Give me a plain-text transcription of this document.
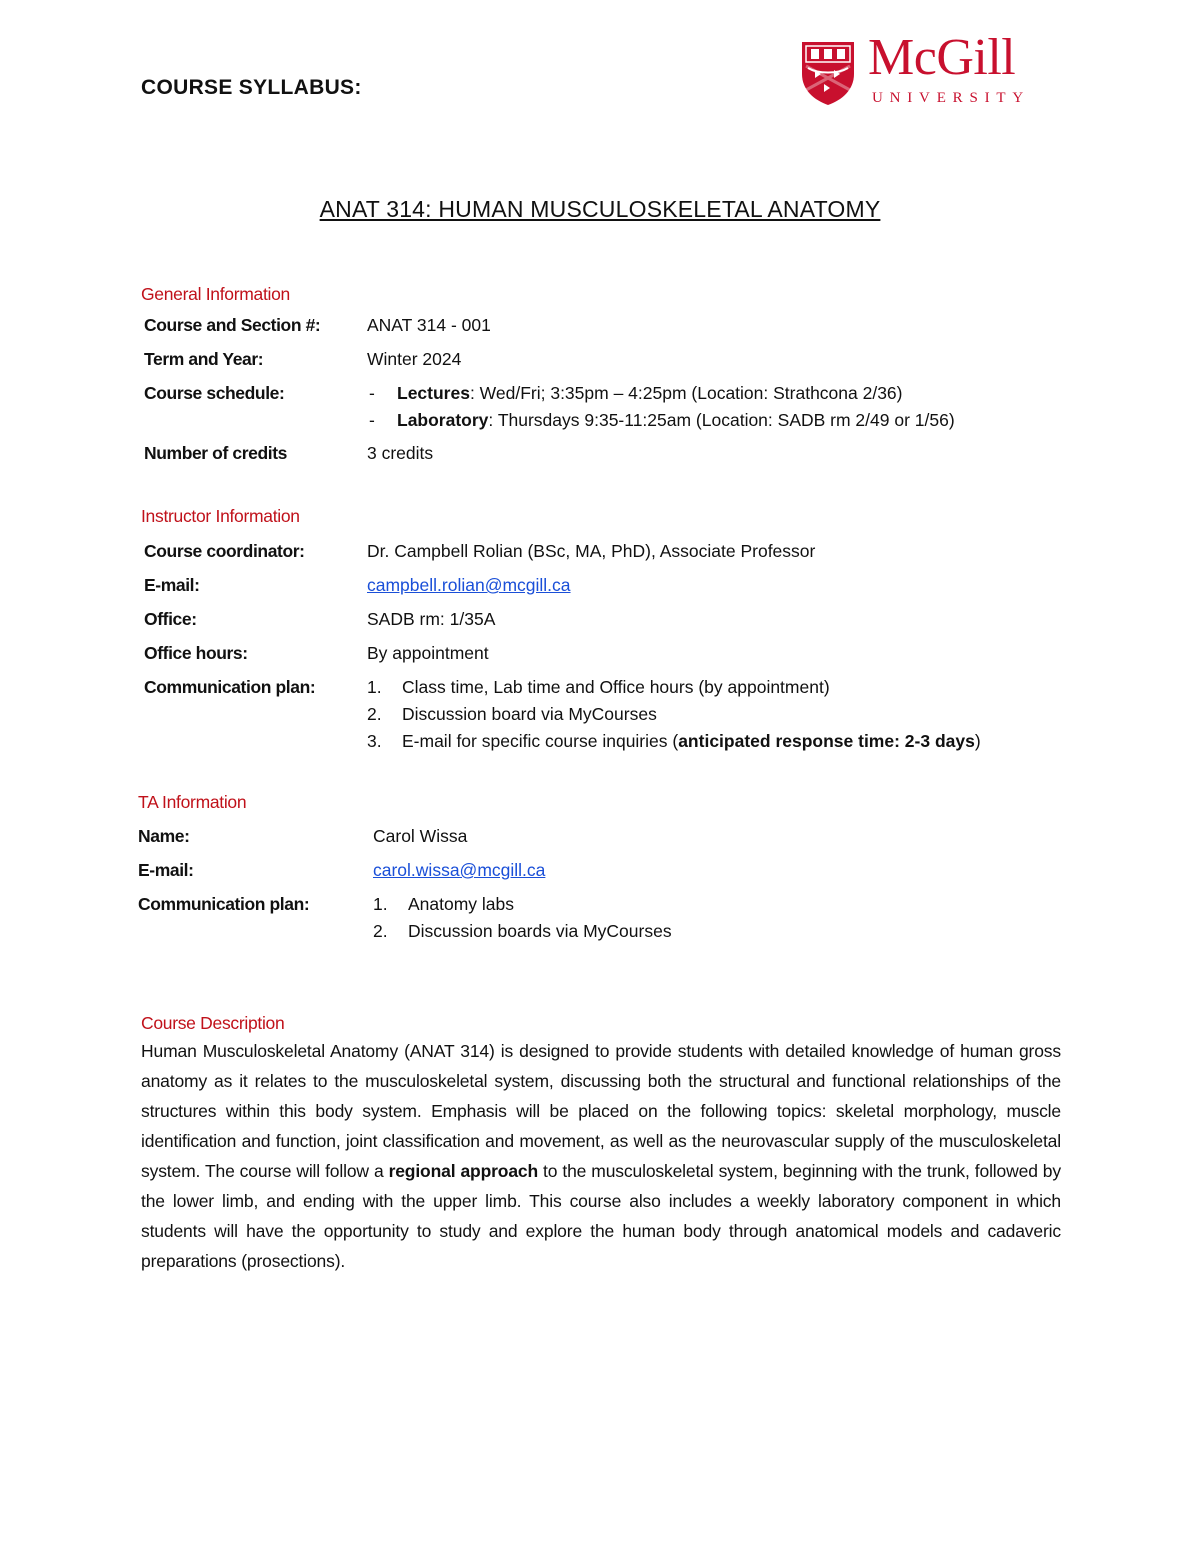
COURSE SYLLABUS:
McGill
UNIVERSITY
ANAT 314: HUMAN MUSCULOSKELETAL ANATOMY
General Information
Course and Section #:	ANAT 314 - 001
Term and Year:	Winter 2024
Course schedule:	- Lectures: Wed/Fri; 3:35pm – 4:25pm (Location: Strathcona 2/36)
- Laboratory: Thursdays 9:35-11:25am (Location: SADB rm 2/49 or 1/56)
Number of credits	3 credits
Instructor Information
Course coordinator:	Dr. Campbell Rolian (BSc, MA, PhD), Associate Professor
E-mail:	campbell.rolian@mcgill.ca
Office:	SADB rm: 1/35A
Office hours:	By appointment
Communication plan:	1. Class time, Lab time and Office hours (by appointment)
2. Discussion board via MyCourses
3. E-mail for specific course inquiries (anticipated response time: 2-3 days)
TA Information
Name:	Carol Wissa
E-mail:	carol.wissa@mcgill.ca
Communication plan:	1. Anatomy labs
2. Discussion boards via MyCourses
Course Description
Human Musculoskeletal Anatomy (ANAT 314) is designed to provide students with detailed knowledge of human gross anatomy as it relates to the musculoskeletal system, discussing both the structural and functional relationships of the structures within this body system. Emphasis will be placed on the following topics: skeletal morphology, muscle identification and function, joint classification and movement, as well as the neurovascular supply of the musculoskeletal system. The course will follow a regional approach to the musculoskeletal system, beginning with the trunk, followed by the lower limb, and ending with the upper limb. This course also includes a weekly laboratory component in which students will have the opportunity to study and explore the human body through anatomical models and cadaveric preparations (prosections).
